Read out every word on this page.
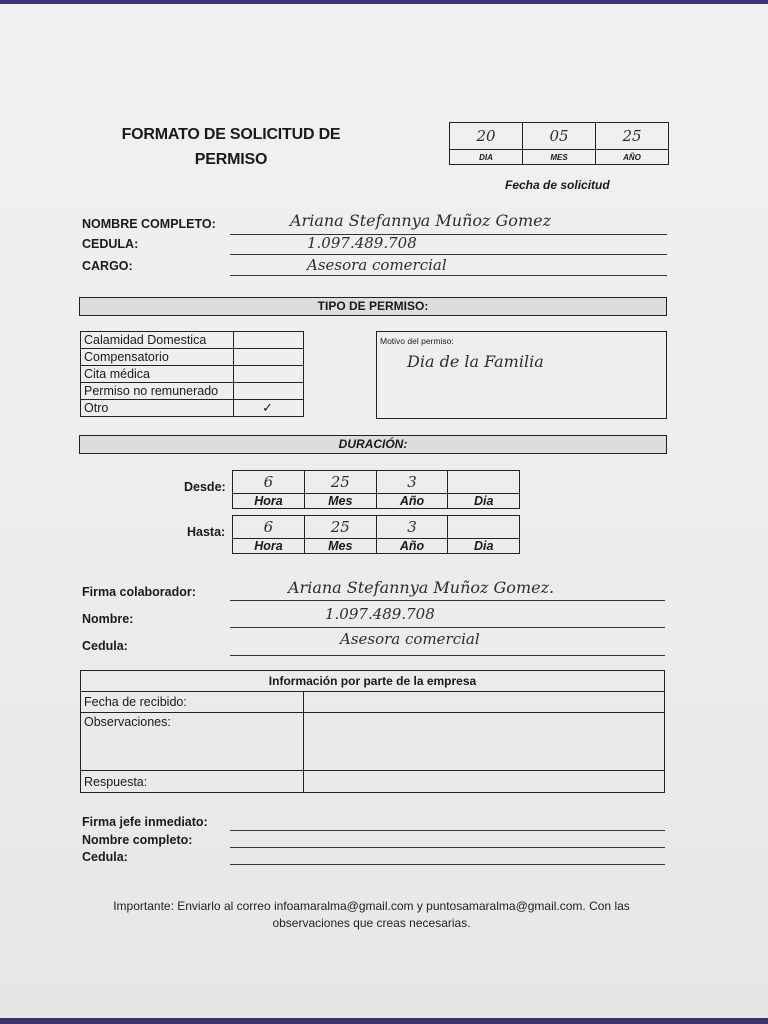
FORMATO DE SOLICITUD DE PERMISO
20	05	25
DIA	MES	AÑO
Fecha de solicitud
NOMBRE COMPLETO:	Ariana Stefannya Muñoz Gomez
CEDULA:	1.097.489.708
CARGO:	Asesora comercial
TIPO DE PERMISO:
Calamidad Domestica	
Compensatorio	
Cita médica	
Permiso no remunerado	
Otro	✓
Motivo del permiso:
Dia de la Familia
DURACIÓN:
Desde:	6	25	3	
Hora	Mes	Año	Dia
Hasta:	6	25	3	
Hora	Mes	Año	Dia
Firma colaborador:	Ariana Stefannya Muñoz Gomez.
Nombre:	1.097.489.708
Cedula:	Asesora comercial
Información por parte de la empresa	
Fecha de recibido:	
Observaciones:	
Respuesta:	
Firma jefe inmediato:
Nombre completo:
Cedula:
Importante: Enviarlo al correo infoamaralma@gmail.com y puntosamaralma@gmail.com. Con las
observaciones que creas necesarias.
